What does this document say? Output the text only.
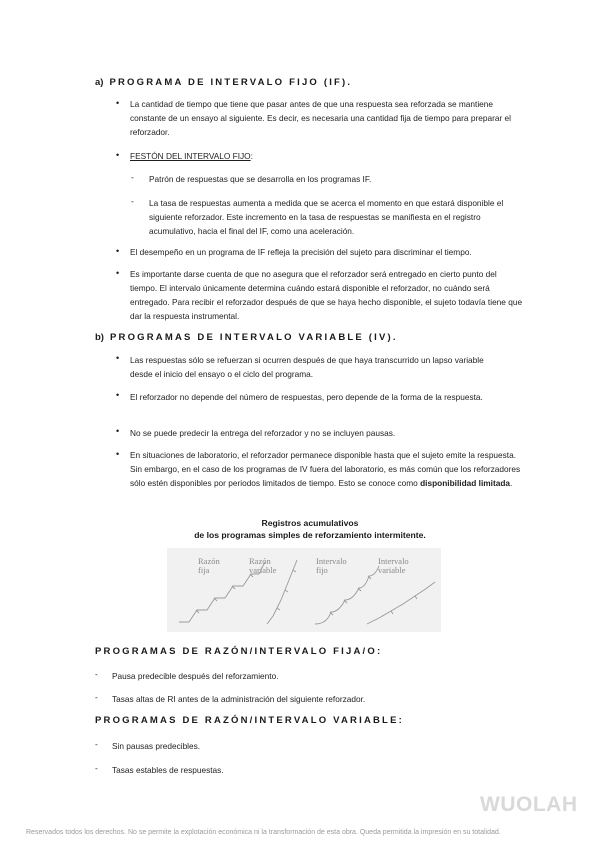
a) PROGRAMA DE INTERVALO FIJO (IF).
• La cantidad de tiempo que tiene que pasar antes de que una respuesta sea reforzada se mantiene constante de un ensayo al siguiente. Es decir, es necesaria una cantidad fija de tiempo para preparar el reforzador.
• FESTÓN DEL INTERVALO FIJO:
- Patrón de respuestas que se desarrolla en los programas IF.
- La tasa de respuestas aumenta a medida que se acerca el momento en que estará disponible el siguiente reforzador. Este incremento en la tasa de respuestas se manifiesta en el registro acumulativo, hacia el final del IF, como una aceleración.
• El desempeño en un programa de IF refleja la precisión del sujeto para discriminar el tiempo.
• Es importante darse cuenta de que no asegura que el reforzador será entregado en cierto punto del tiempo. El intervalo únicamente determina cuándo estará disponible el reforzador, no cuándo será entregado. Para recibir el reforzador después de que se haya hecho disponible, el sujeto todavía tiene que dar la respuesta instrumental.
b) PROGRAMAS DE INTERVALO VARIABLE (IV).
• Las respuestas sólo se refuerzan si ocurren después de que haya transcurrido un lapso variable desde el inicio del ensayo o el ciclo del programa.
• El reforzador no depende del número de respuestas, pero depende de la forma de la respuesta.
• No se puede predecir la entrega del reforzador y no se incluyen pausas.
• En situaciones de laboratorio, el reforzador permanece disponible hasta que el sujeto emite la respuesta. Sin embargo, en el caso de los programas de IV fuera del laboratorio, es más común que los reforzadores sólo estén disponibles por periodos limitados de tiempo. Esto se conoce como disponibilidad limitada.
Registros acumulativos
de los programas simples de reforzamiento intermitente.
Razón
fija
Razón
variable
Intervalo
fijo
Intervalo
variable
PROGRAMAS DE RAZÓN/INTERVALO FIJA/O:
- Pausa predecible después del reforzamiento.
- Tasas altas de RI antes de la administración del siguiente reforzador.
PROGRAMAS DE RAZÓN/INTERVALO VARIABLE:
- Sin pausas predecibles.
- Tasas estables de respuestas.
WUOLAH
Reservados todos los derechos. No se permite la explotación económica ni la transformación de esta obra. Queda permitida la impresión en su totalidad.
